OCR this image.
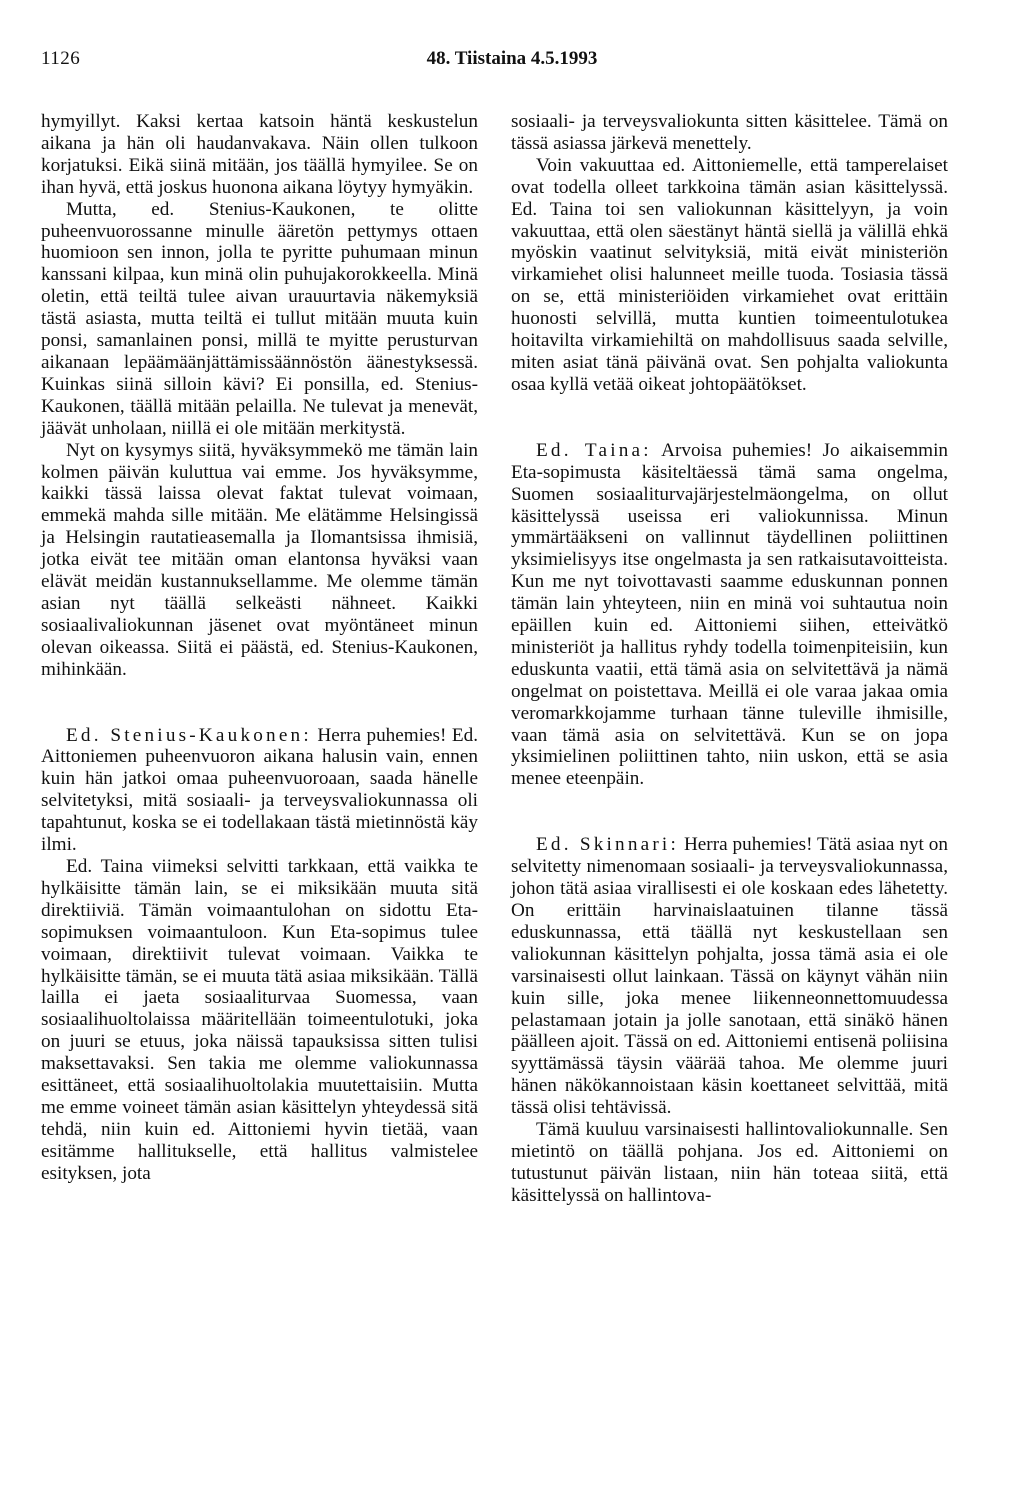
1126	48. Tiistaina 4.5.1993

hymyillyt. Kaksi kertaa katsoin häntä keskustelun aikana ja hän oli haudanvakava. Näin ollen tulkoon korjatuksi. Eikä siinä mitään, jos täällä hymyilee. Se on ihan hyvä, että joskus huonona aikana löytyy hymyäkin.

Mutta, ed. Stenius-Kaukonen, te olitte puheenvuorossanne minulle ääretön pettymys ottaen huomioon sen innon, jolla te pyritte puhumaan minun kanssani kilpaa, kun minä olin puhujakorokkeella. Minä oletin, että teiltä tulee aivan urauurtavia näkemyksiä tästä asiasta, mutta teiltä ei tullut mitään muuta kuin ponsi, samanlainen ponsi, millä te myitte perusturvan aikanaan lepäämäänjättämissäännöstön äänestyksessä. Kuinkas siinä silloin kävi? Ei ponsilla, ed. Stenius-Kaukonen, täällä mitään pelailla. Ne tulevat ja menevät, jäävät unholaan, niillä ei ole mitään merkitystä.

Nyt on kysymys siitä, hyväksymmekö me tämän lain kolmen päivän kuluttua vai emme. Jos hyväksymme, kaikki tässä laissa olevat faktat tulevat voimaan, emmekä mahda sille mitään. Me elätämme Helsingissä ja Helsingin rautatieasemalla ja Ilomantsissa ihmisiä, jotka eivät tee mitään oman elantonsa hyväksi vaan elävät meidän kustannuksellamme. Me olemme tämän asian nyt täällä selkeästi nähneet. Kaikki sosiaalivaliokunnan jäsenet ovat myöntäneet minun olevan oikeassa. Siitä ei päästä, ed. Stenius-Kaukonen, mihinkään.

Ed. Stenius-Kaukonen: Herra puhemies! Ed. Aittoniemen puheenvuoron aikana halusin vain, ennen kuin hän jatkoi omaa puheenvuoroaan, saada hänelle selvitetyksi, mitä sosiaali- ja terveysvaliokunnassa oli tapahtunut, koska se ei todellakaan tästä mietinnöstä käy ilmi.

Ed. Taina viimeksi selvitti tarkkaan, että vaikka te hylkäisitte tämän lain, se ei miksikään muuta sitä direktiiviä. Tämän voimaantulohan on sidottu Eta-sopimuksen voimaantuloon. Kun Eta-sopimus tulee voimaan, direktiivit tulevat voimaan. Vaikka te hylkäisitte tämän, se ei muuta tätä asiaa miksikään. Tällä lailla ei jaeta sosiaaliturvaa Suomessa, vaan sosiaalihuoltolaissa määritellään toimeentulotuki, joka on juuri se etuus, joka näissä tapauksissa sitten tulisi maksettavaksi. Sen takia me olemme valiokunnassa esittäneet, että sosiaalihuoltolakia muutettaisiin. Mutta me emme voineet tämän asian käsittelyn yhteydessä sitä tehdä, niin kuin ed. Aittoniemi hyvin tietää, vaan esitämme hallitukselle, että hallitus valmistelee esityksen, jota

sosiaali- ja terveysvaliokunta sitten käsittelee. Tämä on tässä asiassa järkevä menettely.

Voin vakuuttaa ed. Aittoniemelle, että tamperelaiset ovat todella olleet tarkkoina tämän asian käsittelyssä. Ed. Taina toi sen valiokunnan käsittelyyn, ja voin vakuuttaa, että olen säestänyt häntä siellä ja välillä ehkä myöskin vaatinut selvityksiä, mitä eivät ministeriön virkamiehet olisi halunneet meille tuoda. Tosiasia tässä on se, että ministeriöiden virkamiehet ovat erittäin huonosti selvillä, mutta kuntien toimeentulotukea hoitavilta virkamiehiltä on mahdollisuus saada selville, miten asiat tänä päivänä ovat. Sen pohjalta valiokunta osaa kyllä vetää oikeat johtopäätökset.

Ed. Taina: Arvoisa puhemies! Jo aikaisemmin Eta-sopimusta käsiteltäessä tämä sama ongelma, Suomen sosiaaliturvajärjestelmäongelma, on ollut käsittelyssä useissa eri valiokunnissa. Minun ymmärtääkseni on vallinnut täydellinen poliittinen yksimielisyys itse ongelmasta ja sen ratkaisutavoitteista. Kun me nyt toivottavasti saamme eduskunnan ponnen tämän lain yhteyteen, niin en minä voi suhtautua noin epäillen kuin ed. Aittoniemi siihen, etteivätkö ministeriöt ja hallitus ryhdy todella toimenpiteisiin, kun eduskunta vaatii, että tämä asia on selvitettävä ja nämä ongelmat on poistettava. Meillä ei ole varaa jakaa omia veromarkkojamme turhaan tänne tuleville ihmisille, vaan tämä asia on selvitettävä. Kun se on jopa yksimielinen poliittinen tahto, niin uskon, että se asia menee eteenpäin.

Ed. Skinnari: Herra puhemies! Tätä asiaa nyt on selvitetty nimenomaan sosiaali- ja terveysvaliokunnassa, johon tätä asiaa virallisesti ei ole koskaan edes lähetetty. On erittäin harvinaislaatuinen tilanne tässä eduskunnassa, että täällä nyt keskustellaan sen valiokunnan käsittelyn pohjalta, jossa tämä asia ei ole varsinaisesti ollut lainkaan. Tässä on käynyt vähän niin kuin sille, joka menee liikenneonnettomuudessa pelastamaan jotain ja jolle sanotaan, että sinäkö hänen päälleen ajoit. Tässä on ed. Aittoniemi entisenä poliisina syyttämässä täysin väärää tahoa. Me olemme juuri hänen näkökannoistaan käsin koettaneet selvittää, mitä tässä olisi tehtävissä.

Tämä kuuluu varsinaisesti hallintovaliokunnalle. Sen mietintö on täällä pohjana. Jos ed. Aittoniemi on tutustunut päivän listaan, niin hän toteaa siitä, että käsittelyssä on hallintova-
